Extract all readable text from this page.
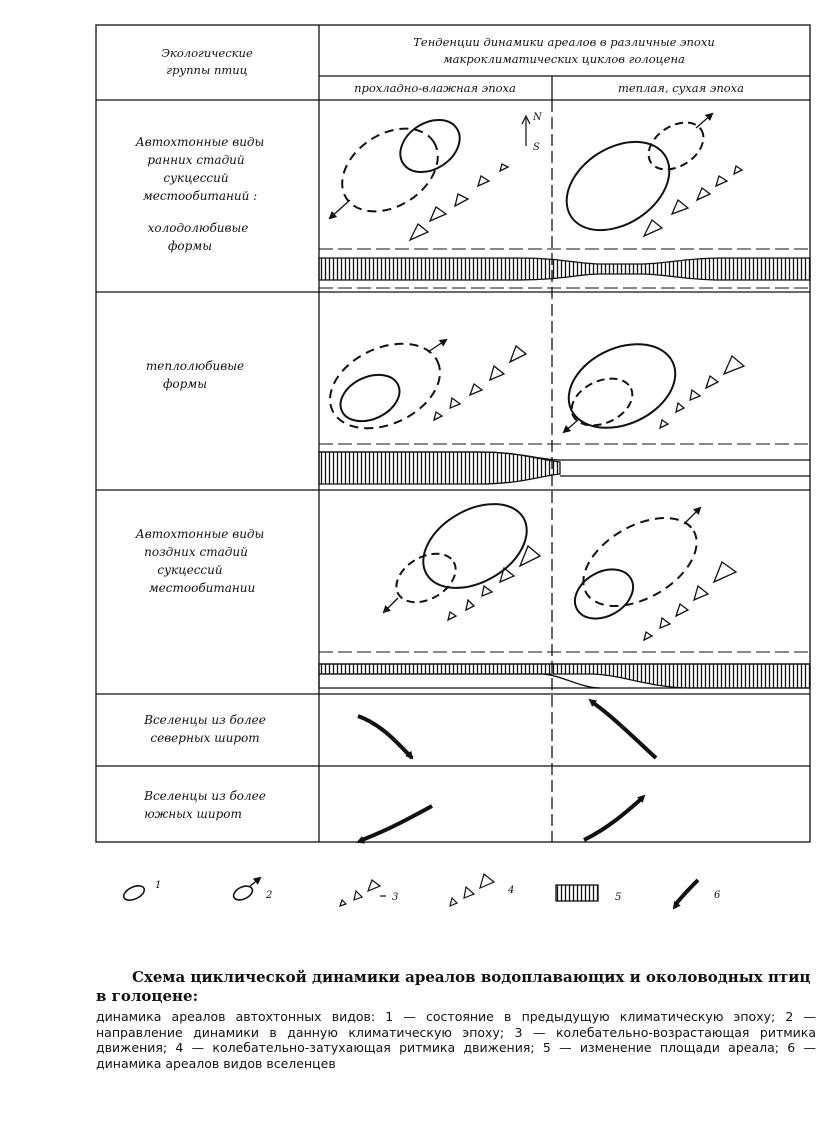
Экологические
группы птиц
Тенденции динамики ареалов в различные эпохи
макроклиматических циклов голоцена
прохладно-влажная эпоха	теплая, сухая эпоха
Автохтонные виды
ранних стадий
сукцессий
местообитаний :
холодолюбивые
формы
теплолюбивые
формы
Автохтонные виды
поздних стадий
сукцессий
местообитании
Вселенцы из более
северных широт
Вселенцы из более
южных широт
N
S
1
2	3
4
5	6

Схема циклической динамики ареалов водоплавающих и околоводных птиц в голоцене:

динамика ареалов автохтонных видов: 1 — состояние в предыдущую климатическую эпоху; 2 — направление динамики в данную климатическую эпоху; 3 — колебательно-возрастающая ритмика движения; 4 — колебательно-затухающая ритмика движения; 5 — изменение площади ареала; 6 — динамика ареалов видов вселенцев
